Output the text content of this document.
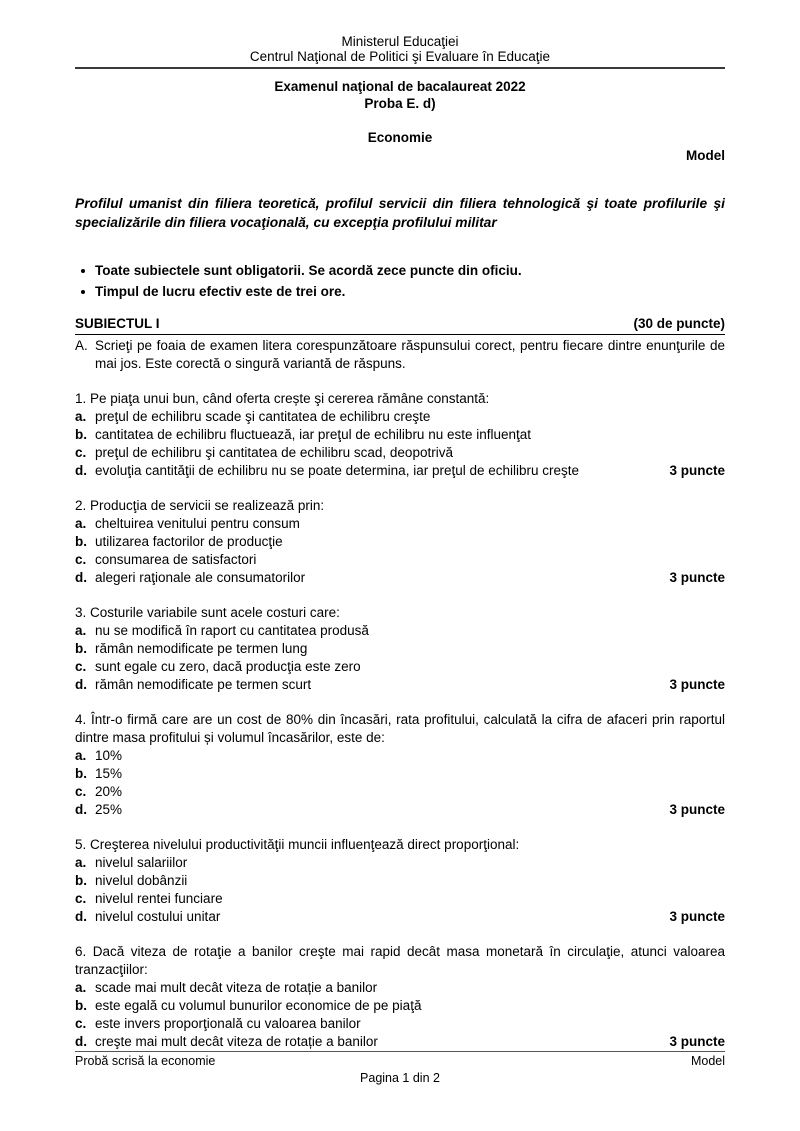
Ministerul Educaţiei
Centrul Naţional de Politici şi Evaluare în Educaţie
Examenul naţional de bacalaureat 2022
Proba E. d)
Economie
Model
Profilul umanist din filiera teoretică, profilul servicii din filiera tehnologică şi toate profilurile şi specializările din filiera vocaţională, cu excepţia profilului militar
Toate subiectele sunt obligatorii. Se acordă zece puncte din oficiu.
Timpul de lucru efectiv este de trei ore.
SUBIECTUL I	(30 de puncte)
A. Scrieţi pe foaia de examen litera corespunzătoare răspunsului corect, pentru fiecare dintre enunţurile de mai jos. Este corectă o singură variantă de răspuns.
1. Pe piaţa unui bun, când oferta crește şi cererea rămâne constantă:
a. preţul de echilibru scade şi cantitatea de echilibru creşte
b. cantitatea de echilibru fluctuează, iar preţul de echilibru nu este influenţat
c. preţul de echilibru şi cantitatea de echilibru scad, deopotrivă
d. evoluţia cantităţii de echilibru nu se poate determina, iar preţul de echilibru creşte	3 puncte
2. Producţia de servicii se realizează prin:
a. cheltuirea venitului pentru consum
b. utilizarea factorilor de producţie
c. consumarea de satisfactori
d. alegeri raţionale ale consumatorilor	3 puncte
3. Costurile variabile sunt acele costuri care:
a. nu se modifică în raport cu cantitatea produsă
b. rămân nemodificate pe termen lung
c. sunt egale cu zero, dacă producţia este zero
d. rămân nemodificate pe termen scurt	3 puncte
4. Într-o firmă care are un cost de 80% din încasări, rata profitului, calculată la cifra de afaceri prin raportul dintre masa profitului și volumul încasărilor, este de:
a. 10%
b. 15%
c. 20%
d. 25%	3 puncte
5. Creşterea nivelului productivităţii muncii influenţează direct proporţional:
a. nivelul salariilor
b. nivelul dobânzii
c. nivelul rentei funciare
d. nivelul costului unitar	3 puncte
6. Dacă viteza de rotaţie a banilor creşte mai rapid decât masa monetară în circulaţie, atunci valoarea tranzacţiilor:
a. scade mai mult decât viteza de rotație a banilor
b. este egală cu volumul bunurilor economice de pe piaţă
c. este invers proporţională cu valoarea banilor
d. creşte mai mult decât viteza de rotație a banilor	3 puncte
Probă scrisă la economie	Model
Pagina 1 din 2
